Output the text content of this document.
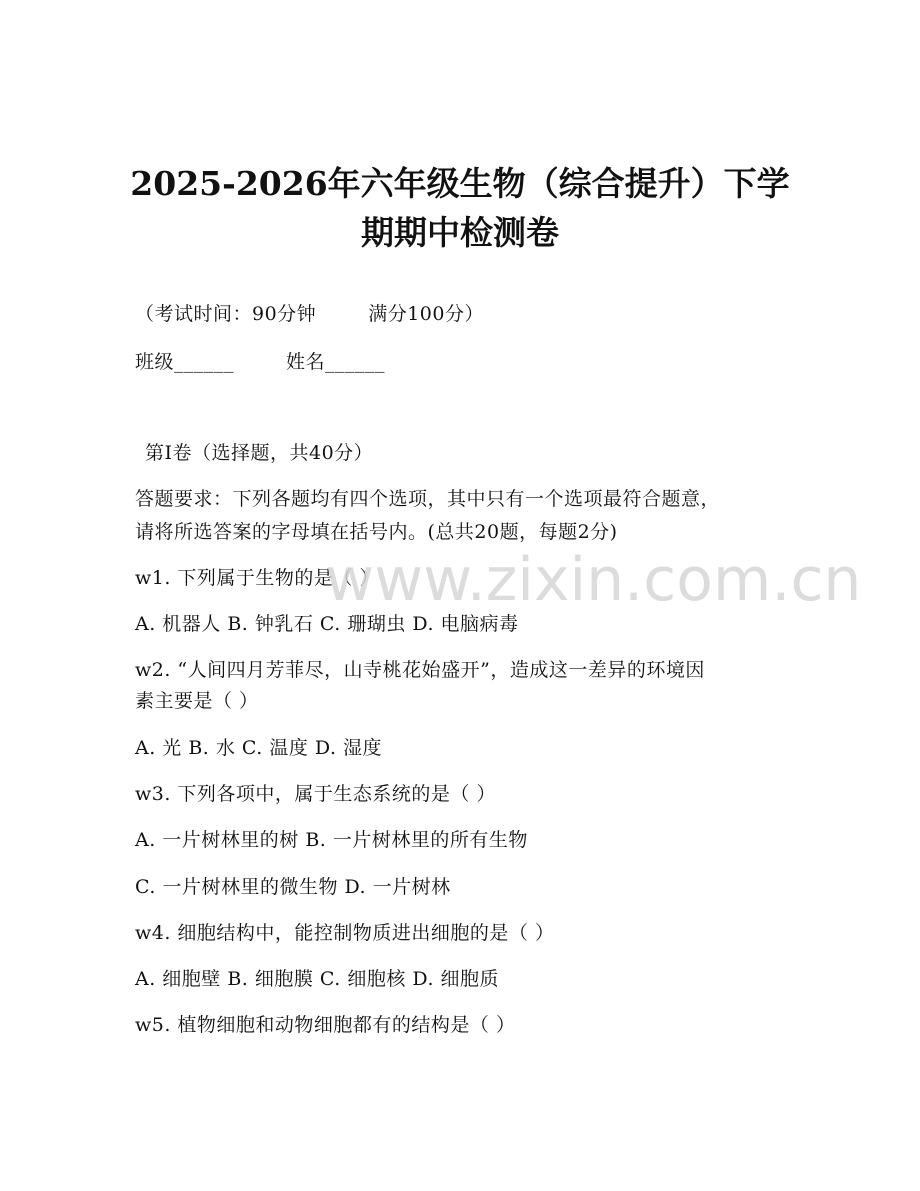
2025-2026年六年级生物（综合提升）下学
期期中检测卷
（考试时间：90分钟	满分100分）
班级______	姓名______
第Ⅰ卷（选择题，共40分）
答题要求：下列各题均有四个选项，其中只有一个选项最符合题意，
请将所选答案的字母填在括号内。(总共20题，每题2分)
w1. 下列属于生物的是（ ）
A. 机器人 B. 钟乳石 C. 珊瑚虫 D. 电脑病毒
w2. “人间四月芳菲尽，山寺桃花始盛开”，造成这一差异的环境因
素主要是（ ）
A. 光 B. 水 C. 温度 D. 湿度
w3. 下列各项中，属于生态系统的是（ ）
A. 一片树林里的树 B. 一片树林里的所有生物
C. 一片树林里的微生物 D. 一片树林
w4. 细胞结构中，能控制物质进出细胞的是（ ）
A. 细胞壁 B. 细胞膜 C. 细胞核 D. 细胞质
w5. 植物细胞和动物细胞都有的结构是（ ）
www.zixin.com.cn
